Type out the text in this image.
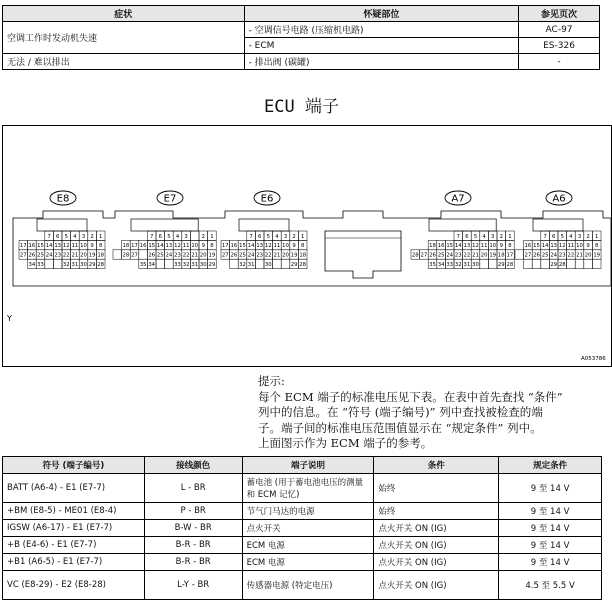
症状	怀疑部位	参见页次
空调工作时发动机失速	- 空调信号电路 (压缩机电路)	AC-97
	- ECM	ES-326
无法 / 难以排出	- 排出阀 (碳罐)	-
ECU 端子
E8
7 6 5 4 3 2 1
17 16 15 14 13 12 11 10 9 8
27 26 25 24 23 22 21 20 19 18
34 33	32 31 30 29 28
E7
7 6 5 4 3	2 1
18 17 16 15 14 13 12 11 10 9 8
28 27 26 25 24 23 22 21 20 19
35 34	33 32 31 30 29
E6
7 6 5 4 3 2 1
17 16 15 14 13 12 11 10 9 8
27 26 25 24 23 22 21 20 19 18
32 31 30	29 28
A7
7 6 5 4 3 2 1
18 16 15 14 13 12 11 10 9 8
28 27 26 25 24 23 22 21 20 19 18 17
35 34 33 32 31 30	29 28
A6
7 6 5 4 3 2 1
16 15 14 13 12 11 10 9 8
27 26 25 24 23 22 21 20 19
29 28
Y
A053786
提示:
每个 ECM 端子的标准电压见下表。在表中首先查找 “条件”
列中的信息。在 “符号 (端子编号)” 列中查找被检查的端
子。端子间的标准电压范围值显示在 “规定条件” 列中。
上面图示作为 ECM 端子的参考。
符号 (端子编号)	接线颜色	端子说明	条件	规定条件
BATT (A6-4) - E1 (E7-7)	L - BR	蓄电池 (用于蓄电池电压的测量和 ECM 记忆)	始终	9 至 14 V
+BM (E8-5) - ME01 (E8-4)	P - BR	节气门马达的电源	始终	9 至 14 V
IGSW (A6-17) - E1 (E7-7)	B-W - BR	点火开关	点火开关 ON (IG)	9 至 14 V
+B (E4-6) - E1 (E7-7)	B-R - BR	ECM 电源	点火开关 ON (IG)	9 至 14 V
+B1 (A6-5) - E1 (E7-7)	B-R - BR	ECM 电源	点火开关 ON (IG)	9 至 14 V
VC (E8-29) - E2 (E8-28)	L-Y - BR	传感器电源 (特定电压)	点火开关 ON (IG)	4.5 至 5.5 V
